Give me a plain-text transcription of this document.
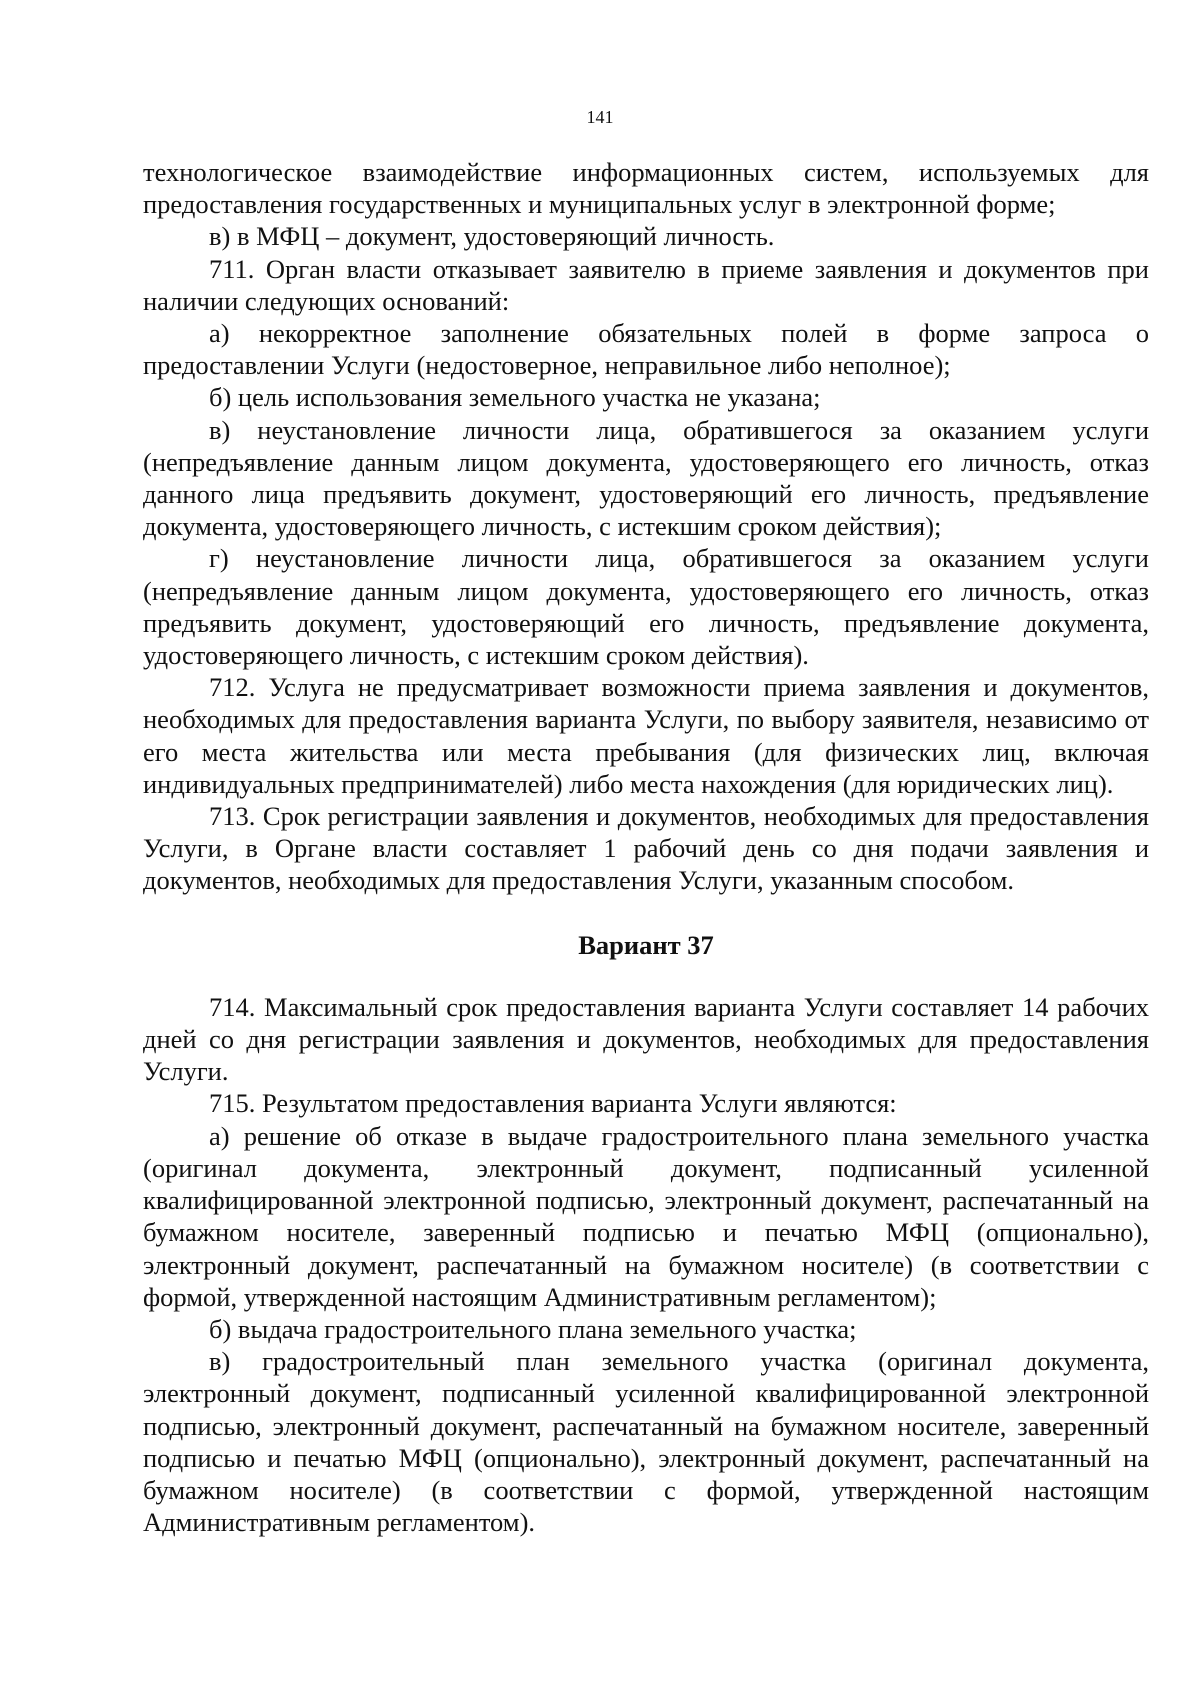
141

технологическое взаимодействие информационных систем, используемых для предоставления государственных и муниципальных услуг в электронной форме;

в) в МФЦ – документ, удостоверяющий личность.

711. Орган власти отказывает заявителю в приеме заявления и документов при наличии следующих оснований:

а) некорректное заполнение обязательных полей в форме запроса о предоставлении Услуги (недостоверное, неправильное либо неполное);

б) цель использования земельного участка не указана;

в) неустановление личности лица, обратившегося за оказанием услуги (непредъявление данным лицом документа, удостоверяющего его личность, отказ данного лица предъявить документ, удостоверяющий его личность, предъявление документа, удостоверяющего личность, с истекшим сроком действия);

г) неустановление личности лица, обратившегося за оказанием услуги (непредъявление данным лицом документа, удостоверяющего его личность, отказ предъявить документ, удостоверяющий его личность, предъявление документа, удостоверяющего личность, с истекшим сроком действия).

712. Услуга не предусматривает возможности приема заявления и документов, необходимых для предоставления варианта Услуги, по выбору заявителя, независимо от его места жительства или места пребывания (для физических лиц, включая индивидуальных предпринимателей) либо места нахождения (для юридических лиц).

713. Срок регистрации заявления и документов, необходимых для предоставления Услуги, в Органе власти составляет 1 рабочий день со дня подачи заявления и документов, необходимых для предоставления Услуги, указанным способом.

Вариант 37

714. Максимальный срок предоставления варианта Услуги составляет 14 рабочих дней со дня регистрации заявления и документов, необходимых для предоставления Услуги.

715. Результатом предоставления варианта Услуги являются:

а) решение об отказе в выдаче градостроительного плана земельного участка (оригинал документа, электронный документ, подписанный усиленной квалифицированной электронной подписью, электронный документ, распечатанный на бумажном носителе, заверенный подписью и печатью МФЦ (опционально), электронный документ, распечатанный на бумажном носителе) (в соответствии с формой, утвержденной настоящим Административным регламентом);

б) выдача градостроительного плана земельного участка;

в) градостроительный план земельного участка (оригинал документа, электронный документ, подписанный усиленной квалифицированной электронной подписью, электронный документ, распечатанный на бумажном носителе, заверенный подписью и печатью МФЦ (опционально), электронный документ, распечатанный на бумажном носителе) (в соответствии с формой, утвержденной настоящим Административным регламентом).
